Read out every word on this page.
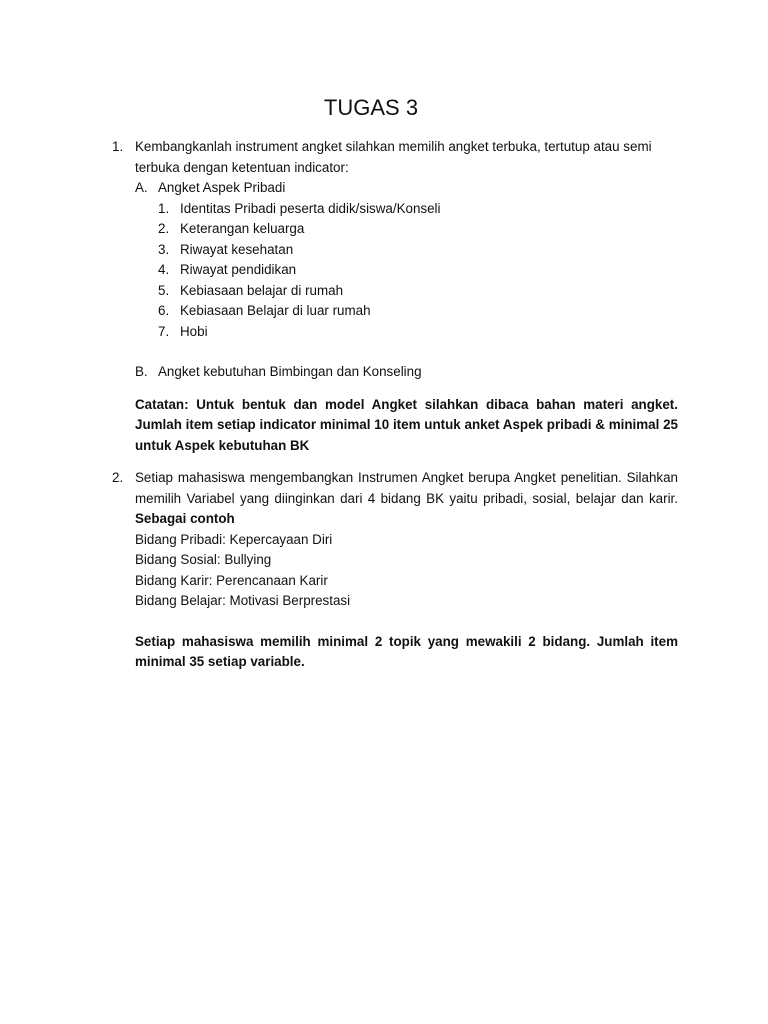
TUGAS 3
1. Kembangkanlah instrument angket silahkan memilih angket terbuka, tertutup atau semi terbuka dengan ketentuan indicator:

A. Angket Aspek Pribadi

1. Identitas Pribadi peserta didik/siswa/Konseli
2. Keterangan keluarga
3. Riwayat kesehatan
4. Riwayat pendidikan
5. Kebiasaan belajar di rumah
6. Kebiasaan Belajar di luar rumah
7. Hobi
B. Angket kebutuhan Bimbingan dan Konseling

Catatan: Untuk bentuk dan model Angket silahkan dibaca bahan materi angket. Jumlah item setiap indicator minimal 10 item untuk anket Aspek pribadi & minimal 25 untuk Aspek kebutuhan BK

2. Setiap mahasiswa mengembangkan Instrumen Angket berupa Angket penelitian. Silahkan memilih Variabel yang diinginkan dari 4 bidang BK yaitu pribadi, sosial, belajar dan karir. Sebagai contoh

Bidang Pribadi: Kepercayaan Diri

Bidang Sosial: Bullying

Bidang Karir: Perencanaan Karir

Bidang Belajar: Motivasi Berprestasi

Setiap mahasiswa memilih minimal 2 topik yang mewakili 2 bidang. Jumlah item minimal 35 setiap variable.
